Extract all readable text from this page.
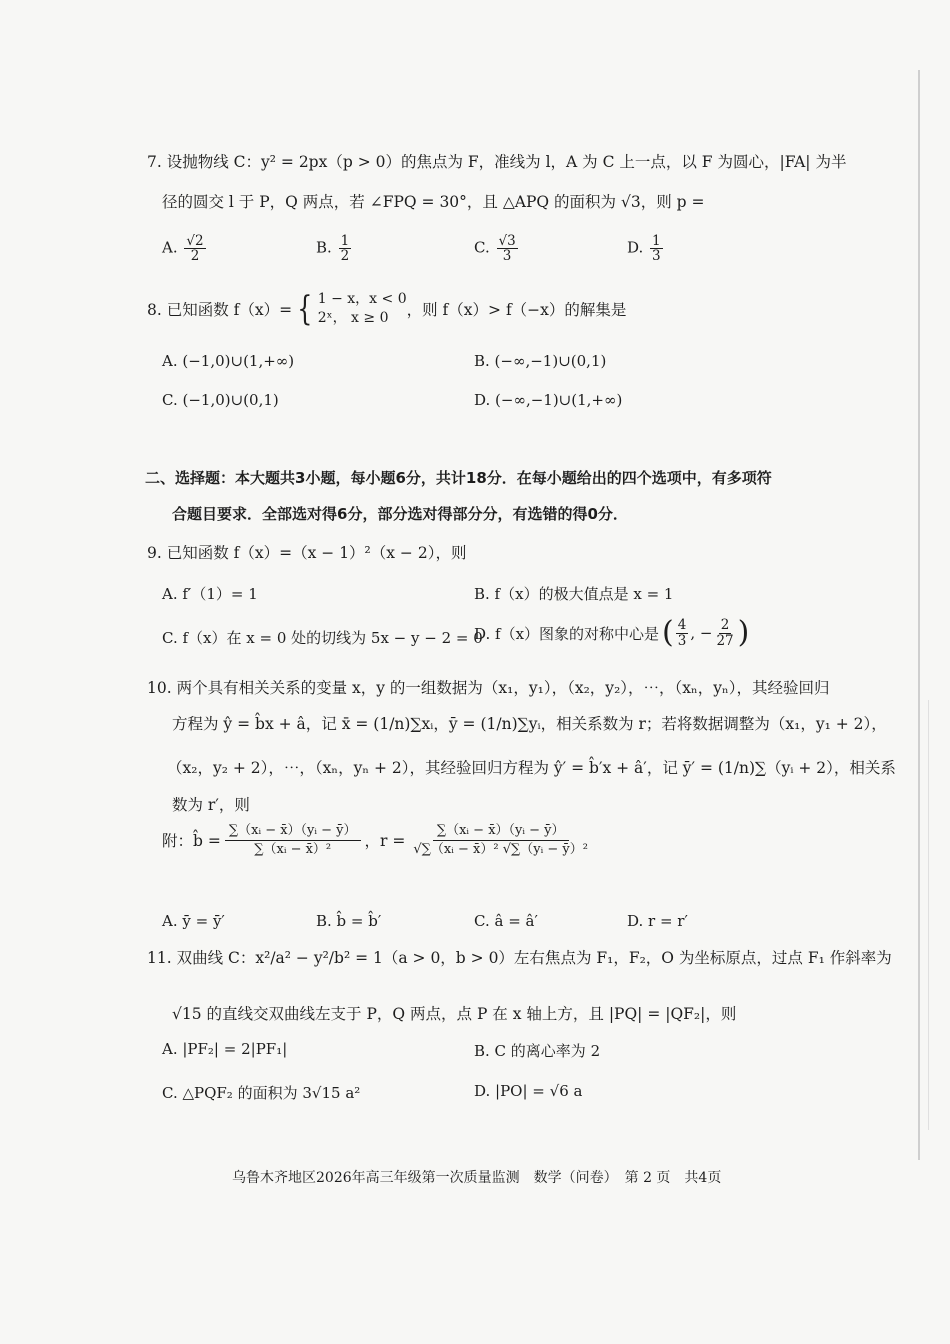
7. 设抛物线 C：y² = 2px（p > 0）的焦点为 F，准线为 l，A 为 C 上一点，以 F 为圆心，|FA| 为半
径的圆交 l 于 P，Q 两点，若 ∠FPQ = 30°，且 △APQ 的面积为 √3，则 p =
A. $\frac{√2}{2}$	B. $\frac{1}{2}$	C. $\frac{√3}{3}$	D. $\frac{1}{3}$
8. 已知函数 f（x）= { 1 − x，x < 0
2ˣ， x ≥ 0	，则 f（x）> f（−x）的解集是
A. (−1,0)∪(1,+∞)	B. (−∞,−1)∪(0,1)
C. (−1,0)∪(0,1)	D. (−∞,−1)∪(1,+∞)
二、选择题：本大题共3小题，每小题6分，共计18分．在每小题给出的四个选项中，有多项符
合题目要求．全部选对得6分，部分选对得部分分，有选错的得0分．
9. 已知函数 f（x）=（x − 1）²（x − 2），则
A. f′（1）= 1	B. f（x）的极大值点是 x = 1
C. f（x）在 x = 0 处的切线为 5x − y − 2 = 0
D. f（x）图象的对称中心是 ( $\frac{4}{3}$ , − $\frac{2}{27}$ )
10. 两个具有相关关系的变量 x，y 的一组数据为（x₁，y₁），（x₂，y₂），⋯，（xₙ，yₙ），其经验回归
方程为 ŷ = b̂x + â，记 x̄ = (1/n)∑xᵢ，ȳ = (1/n)∑yᵢ，相关系数为 r；若将数据调整为（x₁，y₁ + 2），
（x₂，y₂ + 2），⋯，（xₙ，yₙ + 2），其经验回归方程为 ŷ′ = b̂′x + â′，记 ȳ′ = (1/n)∑（yᵢ + 2），相关系
数为 r′，则
附：b̂ = $\frac{\text{∑（xᵢ − x̄）（yᵢ − ȳ）}}{\text{∑（xᵢ − x̄）²}}$ ，$r = \frac{\text{∑（xᵢ − x̄）（yᵢ − ȳ）}}{\text{√∑（xᵢ − x̄）² √∑（yᵢ − ȳ）²}}$
A. ȳ = ȳ′	B. b̂ = b̂′	C. â = â′	D. r = r′
11. 双曲线 C：x²/a² − y²/b² = 1（a > 0，b > 0）左右焦点为 F₁，F₂，O 为坐标原点，过点 F₁ 作斜率为
√15 的直线交双曲线左支于 P，Q 两点，点 P 在 x 轴上方，且 |PQ| = |QF₂|，则
A. |PF₂| = 2|PF₁|	B. C 的离心率为 2
C. △PQF₂ 的面积为 3√15 a²	D. |PO| = √6 a
乌鲁木齐地区2026年高三年级第一次质量监测　数学（问卷）　第 2 页　共4页
